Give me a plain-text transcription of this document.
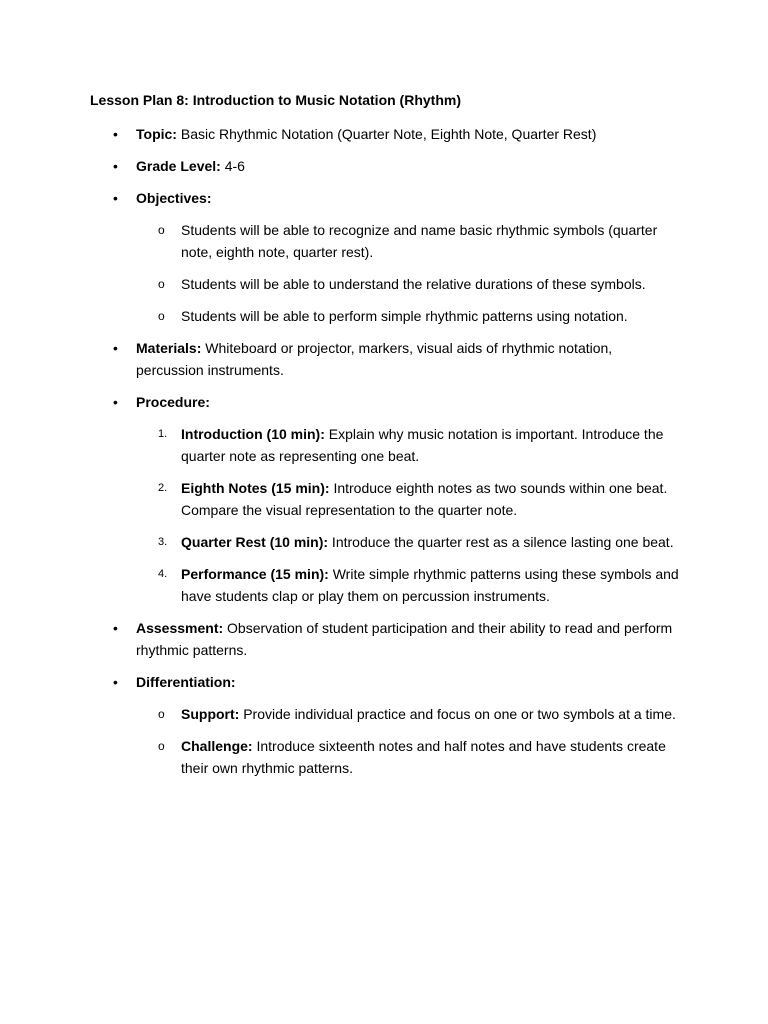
Lesson Plan 8: Introduction to Music Notation (Rhythm)
• Topic: Basic Rhythmic Notation (Quarter Note, Eighth Note, Quarter Rest)
• Grade Level: 4-6
• Objectives:
o Students will be able to recognize and name basic rhythmic symbols (quarter note, eighth note, quarter rest).
o Students will be able to understand the relative durations of these symbols.
o Students will be able to perform simple rhythmic patterns using notation.
• Materials: Whiteboard or projector, markers, visual aids of rhythmic notation, percussion instruments.
• Procedure:
1. Introduction (10 min): Explain why music notation is important. Introduce the quarter note as representing one beat.
2. Eighth Notes (15 min): Introduce eighth notes as two sounds within one beat. Compare the visual representation to the quarter note.
3. Quarter Rest (10 min): Introduce the quarter rest as a silence lasting one beat.
4. Performance (15 min): Write simple rhythmic patterns using these symbols and have students clap or play them on percussion instruments.
• Assessment: Observation of student participation and their ability to read and perform rhythmic patterns.
• Differentiation:
o Support: Provide individual practice and focus on one or two symbols at a time.
o Challenge: Introduce sixteenth notes and half notes and have students create their own rhythmic patterns.
